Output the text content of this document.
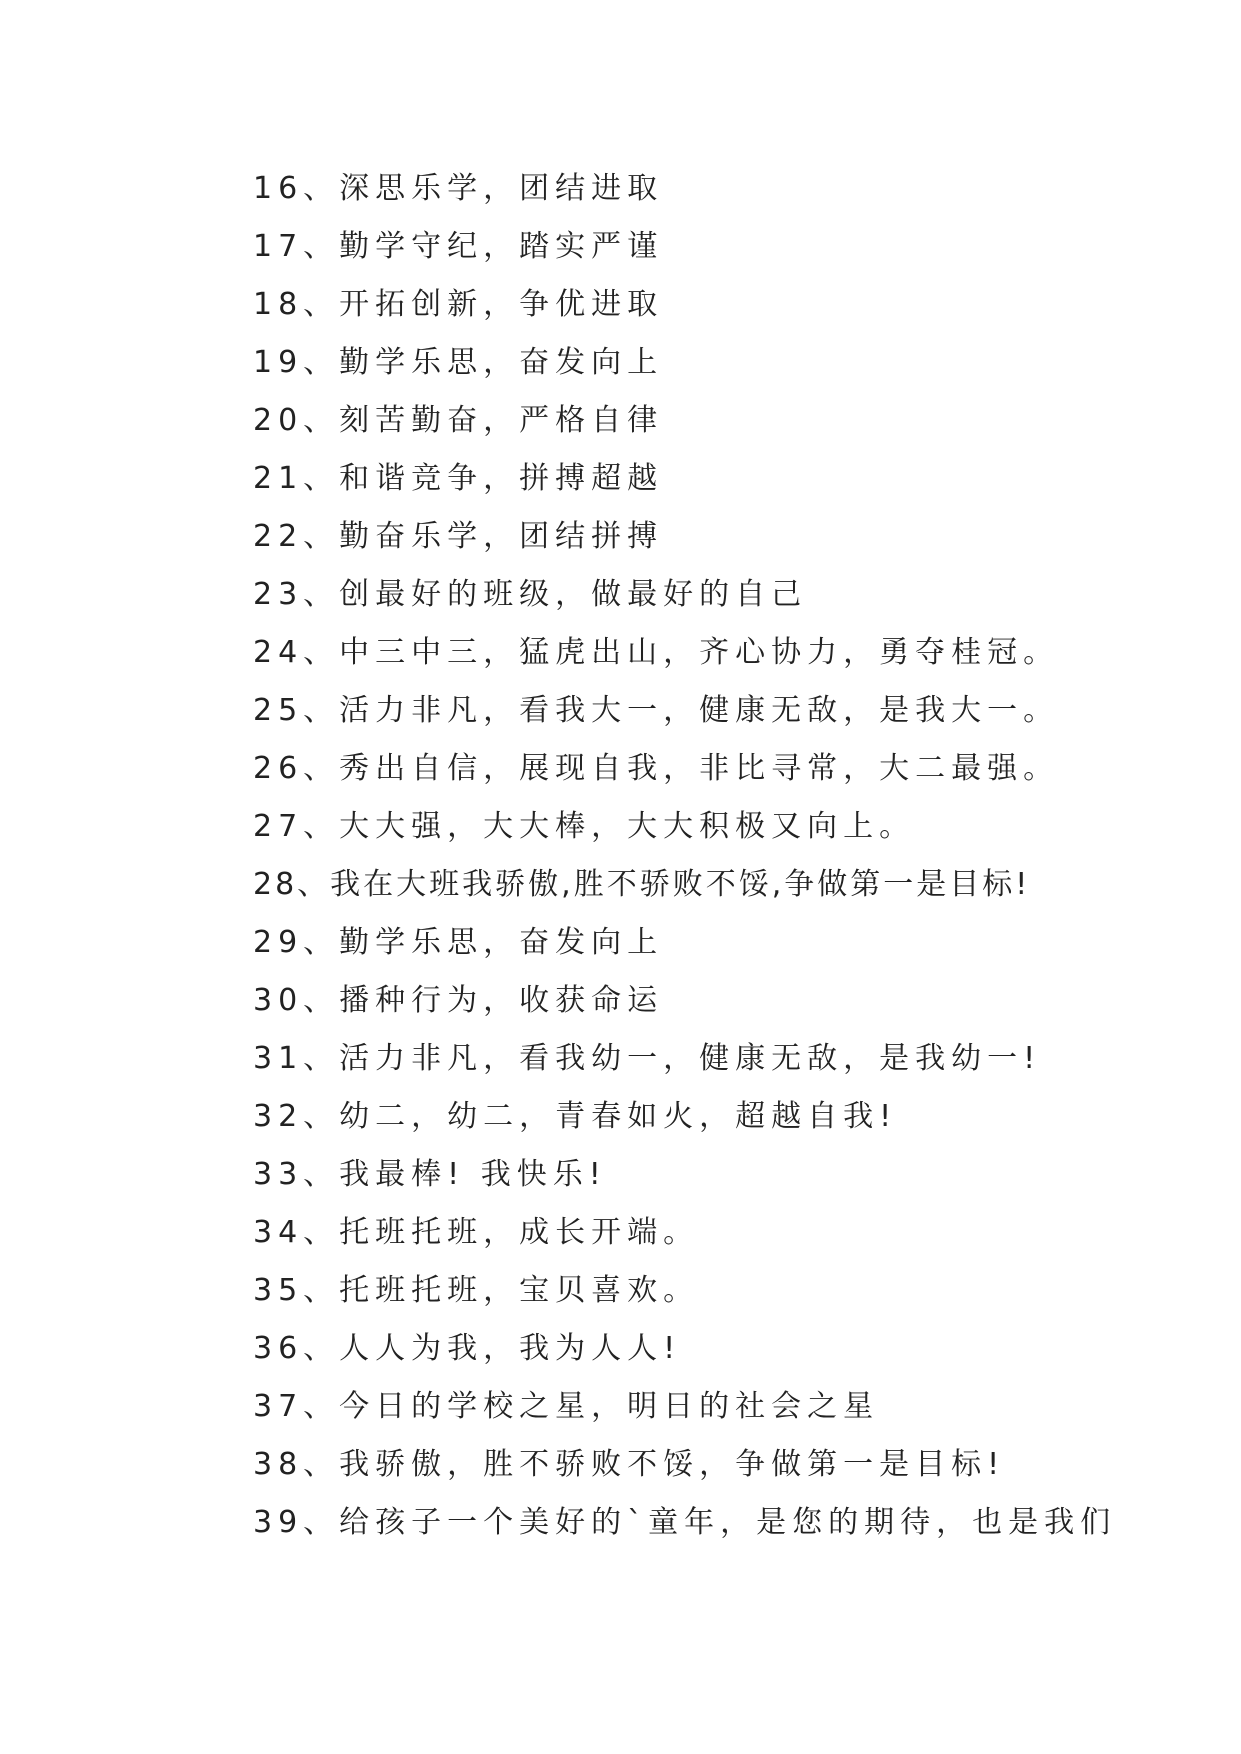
16、深思乐学，团结进取
17、勤学守纪，踏实严谨
18、开拓创新，争优进取
19、勤学乐思，奋发向上
20、刻苦勤奋，严格自律
21、和谐竞争，拼搏超越
22、勤奋乐学，团结拼搏
23、创最好的班级，做最好的自己
24、中三中三，猛虎出山，齐心协力，勇夺桂冠。
25、活力非凡，看我大一，健康无敌，是我大一。
26、秀出自信，展现自我，非比寻常，大二最强。
27、大大强，大大棒，大大积极又向上。
28、我在大班我骄傲,胜不骄败不馁,争做第一是目标!
29、勤学乐思，奋发向上
30、播种行为，收获命运
31、活力非凡，看我幼一，健康无敌，是我幼一!
32、幼二，幼二，青春如火，超越自我!
33、我最棒! 我快乐!
34、托班托班，成长开端。
35、托班托班，宝贝喜欢。
36、人人为我，我为人人!
37、今日的学校之星，明日的社会之星
38、我骄傲，胜不骄败不馁，争做第一是目标!
39、给孩子一个美好的`童年，是您的期待，也是我们
